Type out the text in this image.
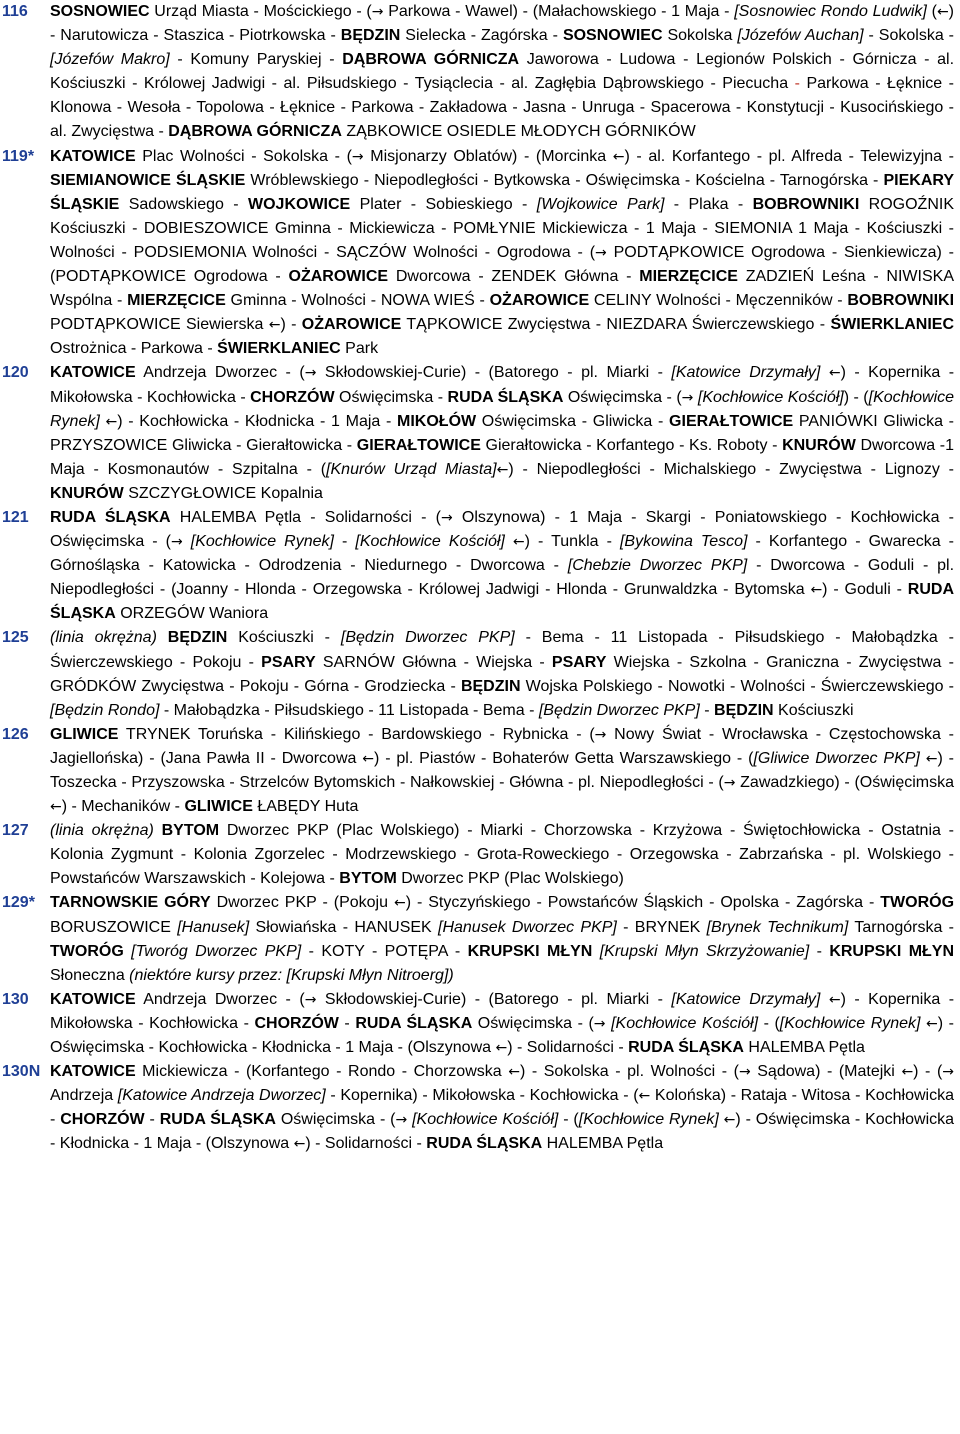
116	SOSNOWIEC Urząd Miasta - Mościckiego - (→ Parkowa - Wawel) - (Małachowskiego - 1 Maja - [Sosnowiec Rondo Ludwik] (←) - Narutowicza - Staszica - Piotrkowska - BĘDZIN Sielecka - Zagórska - SOSNOWIEC Sokolska [Józefów Auchan] - Sokolska - [Józefów Makro] - Komuny Paryskiej - DĄBROWA GÓRNICZA Jaworowa - Ludowa - Legionów Polskich - Górnicza - al. Kościuszki - Królowej Jadwigi - al. Piłsudskiego - Tysiąclecia - al. Zagłębia Dąbrowskiego - Piecucha - Parkowa - Łęknice - Klonowa - Wesoła - Topolowa - Łęknice - Parkowa - Zakładowa - Jasna - Unruga - Spacerowa - Konstytucji - Kusocińskiego - al. Zwycięstwa - DĄBROWA GÓRNICZA ZĄBKOWICE OSIEDLE MŁODYCH GÓRNIKÓW
119* KATOWICE Plac Wolności - Sokolska - (→ Misjonarzy Oblatów) - (Morcinka ←) - al. Korfantego - pl. Alfreda - Telewizyjna - SIEMIANOWICE ŚLĄSKIE Wróblewskiego - Niepodległości - Bytkowska - Oświęcimska - Kościelna - Tarnogórska - PIEKARY ŚLĄSKIE Sadowskiego - WOJKOWICE Plater - Sobieskiego - [Wojkowice Park] - Plaka - BOBROWNIKI ROGOŹNIK Kościuszki - DOBIESZOWICE Gminna - Mickiewicza - POMŁYNIE Mickiewicza - 1 Maja - SIEMONIA 1 Maja - Kościuszki - Wolności - PODSIEMONIA Wolności - SĄCZÓW Wolności - Ogrodowa - (→ PODTĄPKOWICE Ogrodowa - Sienkiewicza) - (PODTĄPKOWICE Ogrodowa - OŻAROWICE Dworcowa - ZENDEK Główna - MIERZĘCICE ZADZIEŃ Leśna - NIWISKA Wspólna - MIERZĘCICE Gminna - Wolności - NOWA WIEŚ - OŻAROWICE CELINY Wolności - Męczenników - BOBROWNIKI PODTĄPKOWICE Siewierska ←) - OŻAROWICE TĄPKOWICE Zwycięstwa - NIEZDARA Świerczewskiego - ŚWIERKLANIEC Ostrożnica - Parkowa - ŚWIERKLANIEC Park
120	KATOWICE Andrzeja Dworzec - (→ Skłodowskiej-Curie) - (Batorego - pl. Miarki - [Katowice Drzymały] ←) - Kopernika - Mikołowska - Kochłowicka - CHORZÓW Oświęcimska - RUDA ŚLĄSKA Oświęcimska - (→ [Kochłowice Kościół]) - ([Kochłowice Rynek] ←) - Kochłowicka - Kłodnicka - 1 Maja - MIKOŁÓW Oświęcimska - Gliwicka - GIERAŁTOWICE PANIÓWKI Gliwicka - PRZYSZOWICE Gliwicka - Gierałtowicka - GIERAŁTOWICE Gierałtowicka - Korfantego - Ks. Roboty - KNURÓW Dworcowa -1 Maja - Kosmonautów - Szpitalna - ([Knurów Urząd Miasta]←) - Niepodległości - Michalskiego - Zwycięstwa - Lignozy - KNURÓW SZCZYGŁOWICE Kopalnia
121	RUDA ŚLĄSKA HALEMBA Pętla - Solidarności - (→ Olszynowa) - 1 Maja - Skargi - Poniatowskiego - Kochłowicka - Oświęcimska - (→ [Kochłowice Rynek] - [Kochłowice Kościół] ←) - Tunkla - [Bykowina Tesco] - Korfantego - Gwarecka - Górnośląska - Katowicka - Odrodzenia - Niedurnego - Dworcowa - [Chebzie Dworzec PKP] - Dworcowa - Goduli - pl. Niepodległości - (Joanny - Hlonda - Orzegowska - Królowej Jadwigi - Hlonda - Grunwaldzka - Bytomska ←) - Goduli - RUDA ŚLĄSKA ORZEGÓW Waniora
125	(linia okrężna) BĘDZIN Kościuszki - [Będzin Dworzec PKP] - Bema - 11 Listopada - Piłsudskiego - Małobądzka - Świerczewskiego - Pokoju - PSARY SARNÓW Główna - Wiejska - PSARY Wiejska - Szkolna - Graniczna - Zwycięstwa - GRÓDKÓW Zwycięstwa - Pokoju - Górna - Grodziecka - BĘDZIN Wojska Polskiego - Nowotki - Wolności - Świerczewskiego - [Będzin Rondo] - Małobądzka - Piłsudskiego - 11 Listopada - Bema - [Będzin Dworzec PKP] - BĘDZIN Kościuszki
126	GLIWICE TRYNEK Toruńska - Kilińskiego - Bardowskiego - Rybnicka - (→ Nowy Świat - Wrocławska - Częstochowska - Jagiellońska) - (Jana Pawła II - Dworcowa ←) - pl. Piastów - Bohaterów Getta Warszawskiego - ([Gliwice Dworzec PKP] ←) - Toszecka - Przyszowska - Strzelców Bytomskich - Nałkowskiej - Główna - pl. Niepodległości - (→ Zawadzkiego) - (Oświęcimska ←) - Mechaników - GLIWICE ŁABĘDY Huta
127	(linia okrężna) BYTOM Dworzec PKP (Plac Wolskiego) - Miarki - Chorzowska - Krzyżowa - Świętochłowicka - Ostatnia - Kolonia Zygmunt - Kolonia Zgorzelec - Modrzewskiego - Grota-Roweckiego - Orzegowska - Zabrzańska - pl. Wolskiego - Powstańców Warszawskich - Kolejowa - BYTOM Dworzec PKP (Plac Wolskiego)
129* TARNOWSKIE GÓRY Dworzec PKP - (Pokoju ←) - Styczyńskiego - Powstańców Śląskich - Opolska - Zagórska - TWORÓG BORUSZOWICE [Hanusek] Słowiańska - HANUSEK [Hanusek Dworzec PKP] - BRYNEK [Brynek Technikum] Tarnogórska - TWORÓG [Tworóg Dworzec PKP] - KOTY - POTĘPA - KRUPSKI MŁYN [Krupski Młyn Skrzyżowanie] - KRUPSKI MŁYN Słoneczna (niektóre kursy przez: [Krupski Młyn Nitroerg])
130	KATOWICE Andrzeja Dworzec - (→ Skłodowskiej-Curie) - (Batorego - pl. Miarki - [Katowice Drzymały] ←) - Kopernika - Mikołowska - Kochłowicka - CHORZÓW - RUDA ŚLĄSKA Oświęcimska - (→ [Kochłowice Kościół] - ([Kochłowice Rynek] ←) - Oświęcimska - Kochłowicka - Kłodnicka - 1 Maja - (Olszynowa ←) - Solidarności - RUDA ŚLĄSKA HALEMBA Pętla
130N KATOWICE Mickiewicza - (Korfantego - Rondo - Chorzowska ←) - Sokolska - pl. Wolności - (→ Sądowa) - (Matejki ←) - (→ Andrzeja [Katowice Andrzeja Dworzec] - Kopernika) - Mikołowska - Kochłowicka - (← Kolońska) - Rataja - Witosa - Kochłowicka - CHORZÓW - RUDA ŚLĄSKA Oświęcimska - (→ [Kochłowice Kościół] - ([Kochłowice Rynek] ←) - Oświęcimska - Kochłowicka - Kłodnicka - 1 Maja - (Olszynowa ←) - Solidarności - RUDA ŚLĄSKA HALEMBA Pętla
